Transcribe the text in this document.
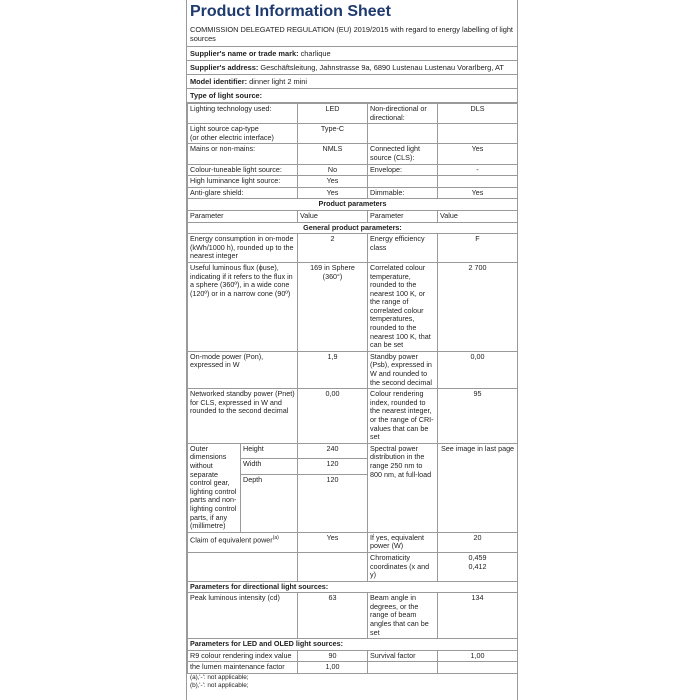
Product Information Sheet
COMMISSION DELEGATED REGULATION (EU) 2019/2015 with regard to energy labelling of light sources
Supplier's name or trade mark: charlique
Supplier's address: Geschäftsleitung, Jahnstrasse 9a, 6890 Lustenau Lustenau Vorarlberg, AT
Model identifier: dinner light 2 mini
Type of light source:
Lighting technology used:		LED	Non-directional or directional:	DLS
Light source cap-type
(or other electric interface)		Type-C		
Mains or non-mains:		NMLS	Connected light source (CLS):	Yes
Colour-tuneable light source:		No	Envelope:	-
High luminance light source:		Yes		
Anti-glare shield:		Yes	Dimmable:	Yes
Product parameters				
Parameter		Value	Parameter	Value
General product parameters:				
Energy consumption in on-mode (kWh/1000 h), rounded up to the nearest integer		2	Energy efficiency class	F
Useful luminous flux (ϕuse), indicating if it refers to the flux in a sphere (360º), in a wide cone (120º) or in a narrow cone (90º)		169 in Sphere (360°)	Correlated colour temperature, rounded to the nearest 100 K, or the range of correlated colour temperatures, rounded to the nearest 100 K, that can be set	2 700
On-mode power (Pon), expressed in W		1,9	Standby power (Psb), expressed in W and rounded to the second decimal	0,00
Networked standby power (Pnet) for CLS, expressed in W and rounded to the second decimal		0,00	Colour rendering index, rounded to the nearest integer, or the range of CRI-values that can be set	95
Outer dimensions without separate control gear, lighting control parts and non-lighting control parts, if any (millimetre)	Height	240	Spectral power distribution in the range 250 nm to 800 nm, at full-load	See image in last page
	Width	120		
	Depth	120		
Claim of equivalent power$^{(a)}$		Yes	If yes, equivalent power (W)	20
			Chromaticity coordinates (x and y)	0,459
0,412

Parameters for directional light sources:				
Peak luminous intensity (cd)		63	Beam angle in degrees, or the range of beam angles that can be set	134
Parameters for LED and OLED light sources:				
R9 colour rendering index value		90	Survival factor	1,00
the lumen maintenance factor		1,00		
(a)‚'-': not applicable;
(b)‚'-': not applicable;
